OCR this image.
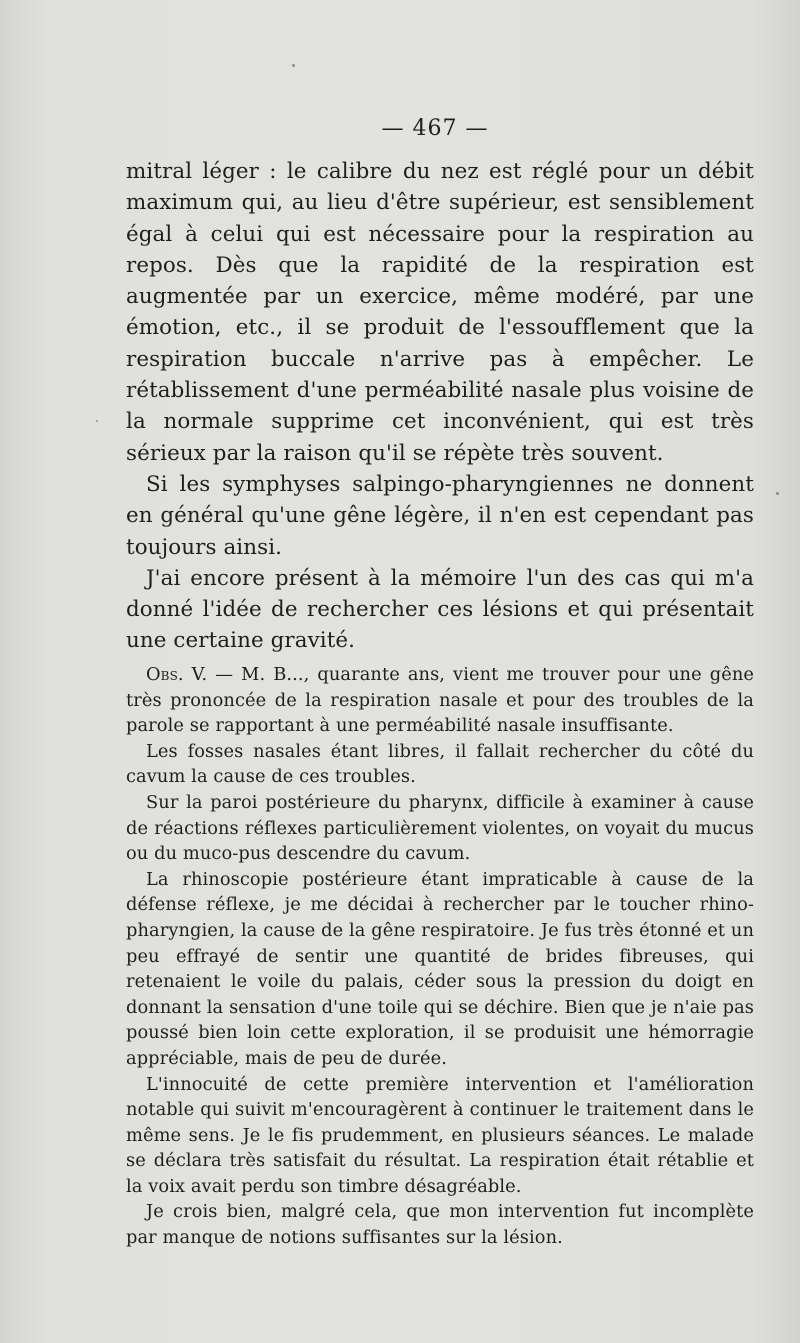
— 467 —

mitral léger : le calibre du nez est réglé pour un débit maximum qui, au lieu d'être supérieur, est sensiblement égal à celui qui est nécessaire pour la respiration au repos. Dès que la rapidité de la respiration est augmentée par un exercice, même modéré, par une émotion, etc., il se produit de l'essoufflement que la respiration buccale n'arrive pas à empêcher. Le rétablissement d'une perméabilité nasale plus voisine de la normale supprime cet inconvénient, qui est très sérieux par la raison qu'il se répète très souvent.

Si les symphyses salpingo-pharyngiennes ne donnent en général qu'une gêne légère, il n'en est cependant pas toujours ainsi.

J'ai encore présent à la mémoire l'un des cas qui m'a donné l'idée de rechercher ces lésions et qui présentait une certaine gravité.

Obs. V. — M. B..., quarante ans, vient me trouver pour une gêne très prononcée de la respiration nasale et pour des troubles de la parole se rapportant à une perméabilité nasale insuffisante.

Les fosses nasales étant libres, il fallait rechercher du côté du cavum la cause de ces troubles.

Sur la paroi postérieure du pharynx, difficile à examiner à cause de réactions réflexes particulièrement violentes, on voyait du mucus ou du muco-pus descendre du cavum.

La rhinoscopie postérieure étant impraticable à cause de la défense réflexe, je me décidai à rechercher par le toucher rhino-pharyngien, la cause de la gêne respiratoire. Je fus très étonné et un peu effrayé de sentir une quantité de brides fibreuses, qui retenaient le voile du palais, céder sous la pression du doigt en donnant la sensation d'une toile qui se déchire. Bien que je n'aie pas poussé bien loin cette exploration, il se produisit une hémorragie appréciable, mais de peu de durée.

L'innocuité de cette première intervention et l'amélioration notable qui suivit m'encouragèrent à continuer le traitement dans le même sens. Je le fis prudemment, en plusieurs séances. Le malade se déclara très satisfait du résultat. La respiration était rétablie et la voix avait perdu son timbre désagréable.

Je crois bien, malgré cela, que mon intervention fut incomplète par manque de notions suffisantes sur la lésion.
